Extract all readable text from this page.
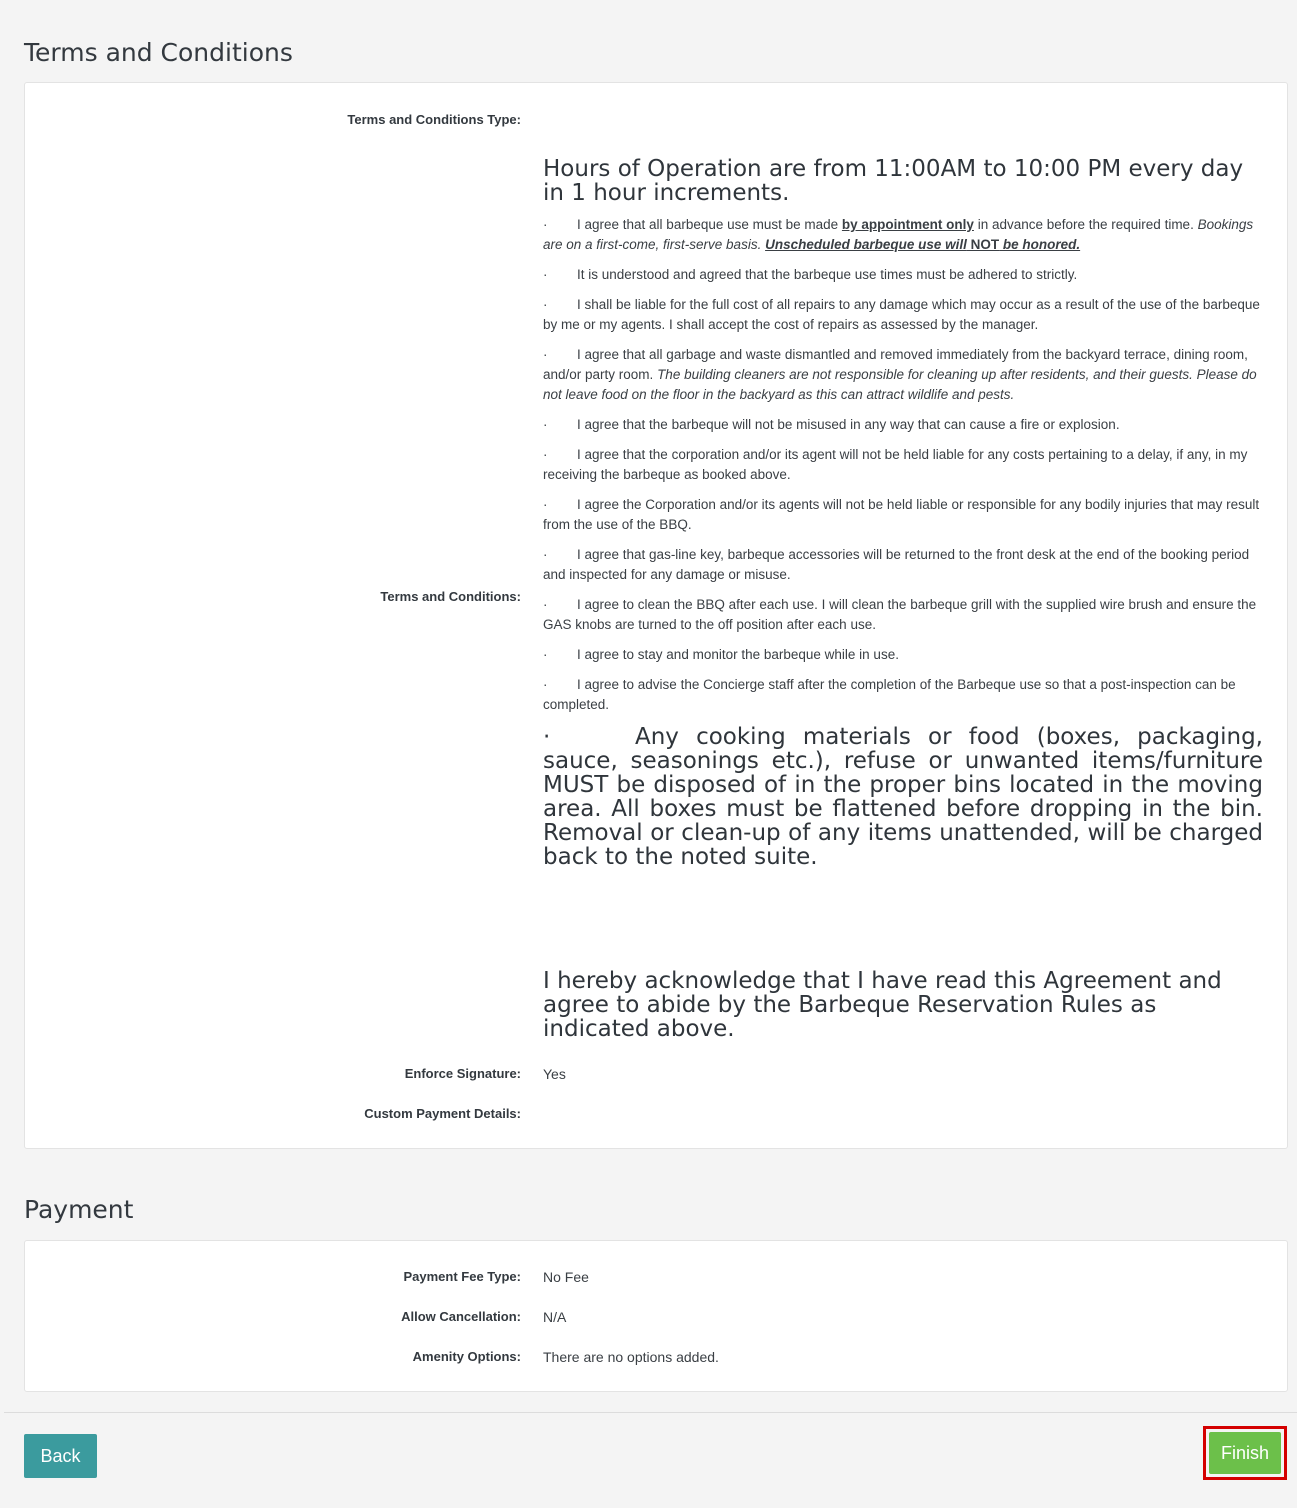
Terms and Conditions
Terms and Conditions Type:
Terms and Conditions:
Hours of Operation are from 11:00AM to 10:00 PM every day in 1 hour increments.
· I agree that all barbeque use must be made by appointment only in advance before the required time. Bookings are on a first-come, first-serve basis. Unscheduled barbeque use will NOT be honored.
· It is understood and agreed that the barbeque use times must be adhered to strictly.
· I shall be liable for the full cost of all repairs to any damage which may occur as a result of the use of the barbeque by me or my agents. I shall accept the cost of repairs as assessed by the manager.
· I agree that all garbage and waste dismantled and removed immediately from the backyard terrace, dining room, and/or party room. The building cleaners are not responsible for cleaning up after residents, and their guests. Please do not leave food on the floor in the backyard as this can attract wildlife and pests.
· I agree that the barbeque will not be misused in any way that can cause a fire or explosion.
· I agree that the corporation and/or its agent will not be held liable for any costs pertaining to a delay, if any, in my receiving the barbeque as booked above.
· I agree the Corporation and/or its agents will not be held liable or responsible for any bodily injuries that may result from the use of the BBQ.
· I agree that gas-line key, barbeque accessories will be returned to the front desk at the end of the booking period and inspected for any damage or misuse.
· I agree to clean the BBQ after each use. I will clean the barbeque grill with the supplied wire brush and ensure the GAS knobs are turned to the off position after each use.
· I agree to stay and monitor the barbeque while in use.
· I agree to advise the Concierge staff after the completion of the Barbeque use so that a post-inspection can be completed.
·	Any cooking materials or food (boxes, packaging, sauce, seasonings etc.), refuse or unwanted items/furniture MUST be disposed of in the proper bins located in the moving area. All boxes must be flattened before dropping in the bin. Removal or clean-up of any items unattended, will be charged back to the noted suite.
I hereby acknowledge that I have read this Agreement and agree to abide by the Barbeque Reservation Rules as indicated above.
Enforce Signature: Yes
Custom Payment Details:
Payment
Payment Fee Type: No Fee
Allow Cancellation: N/A
Amenity Options: There are no options added.
Back	Finish
